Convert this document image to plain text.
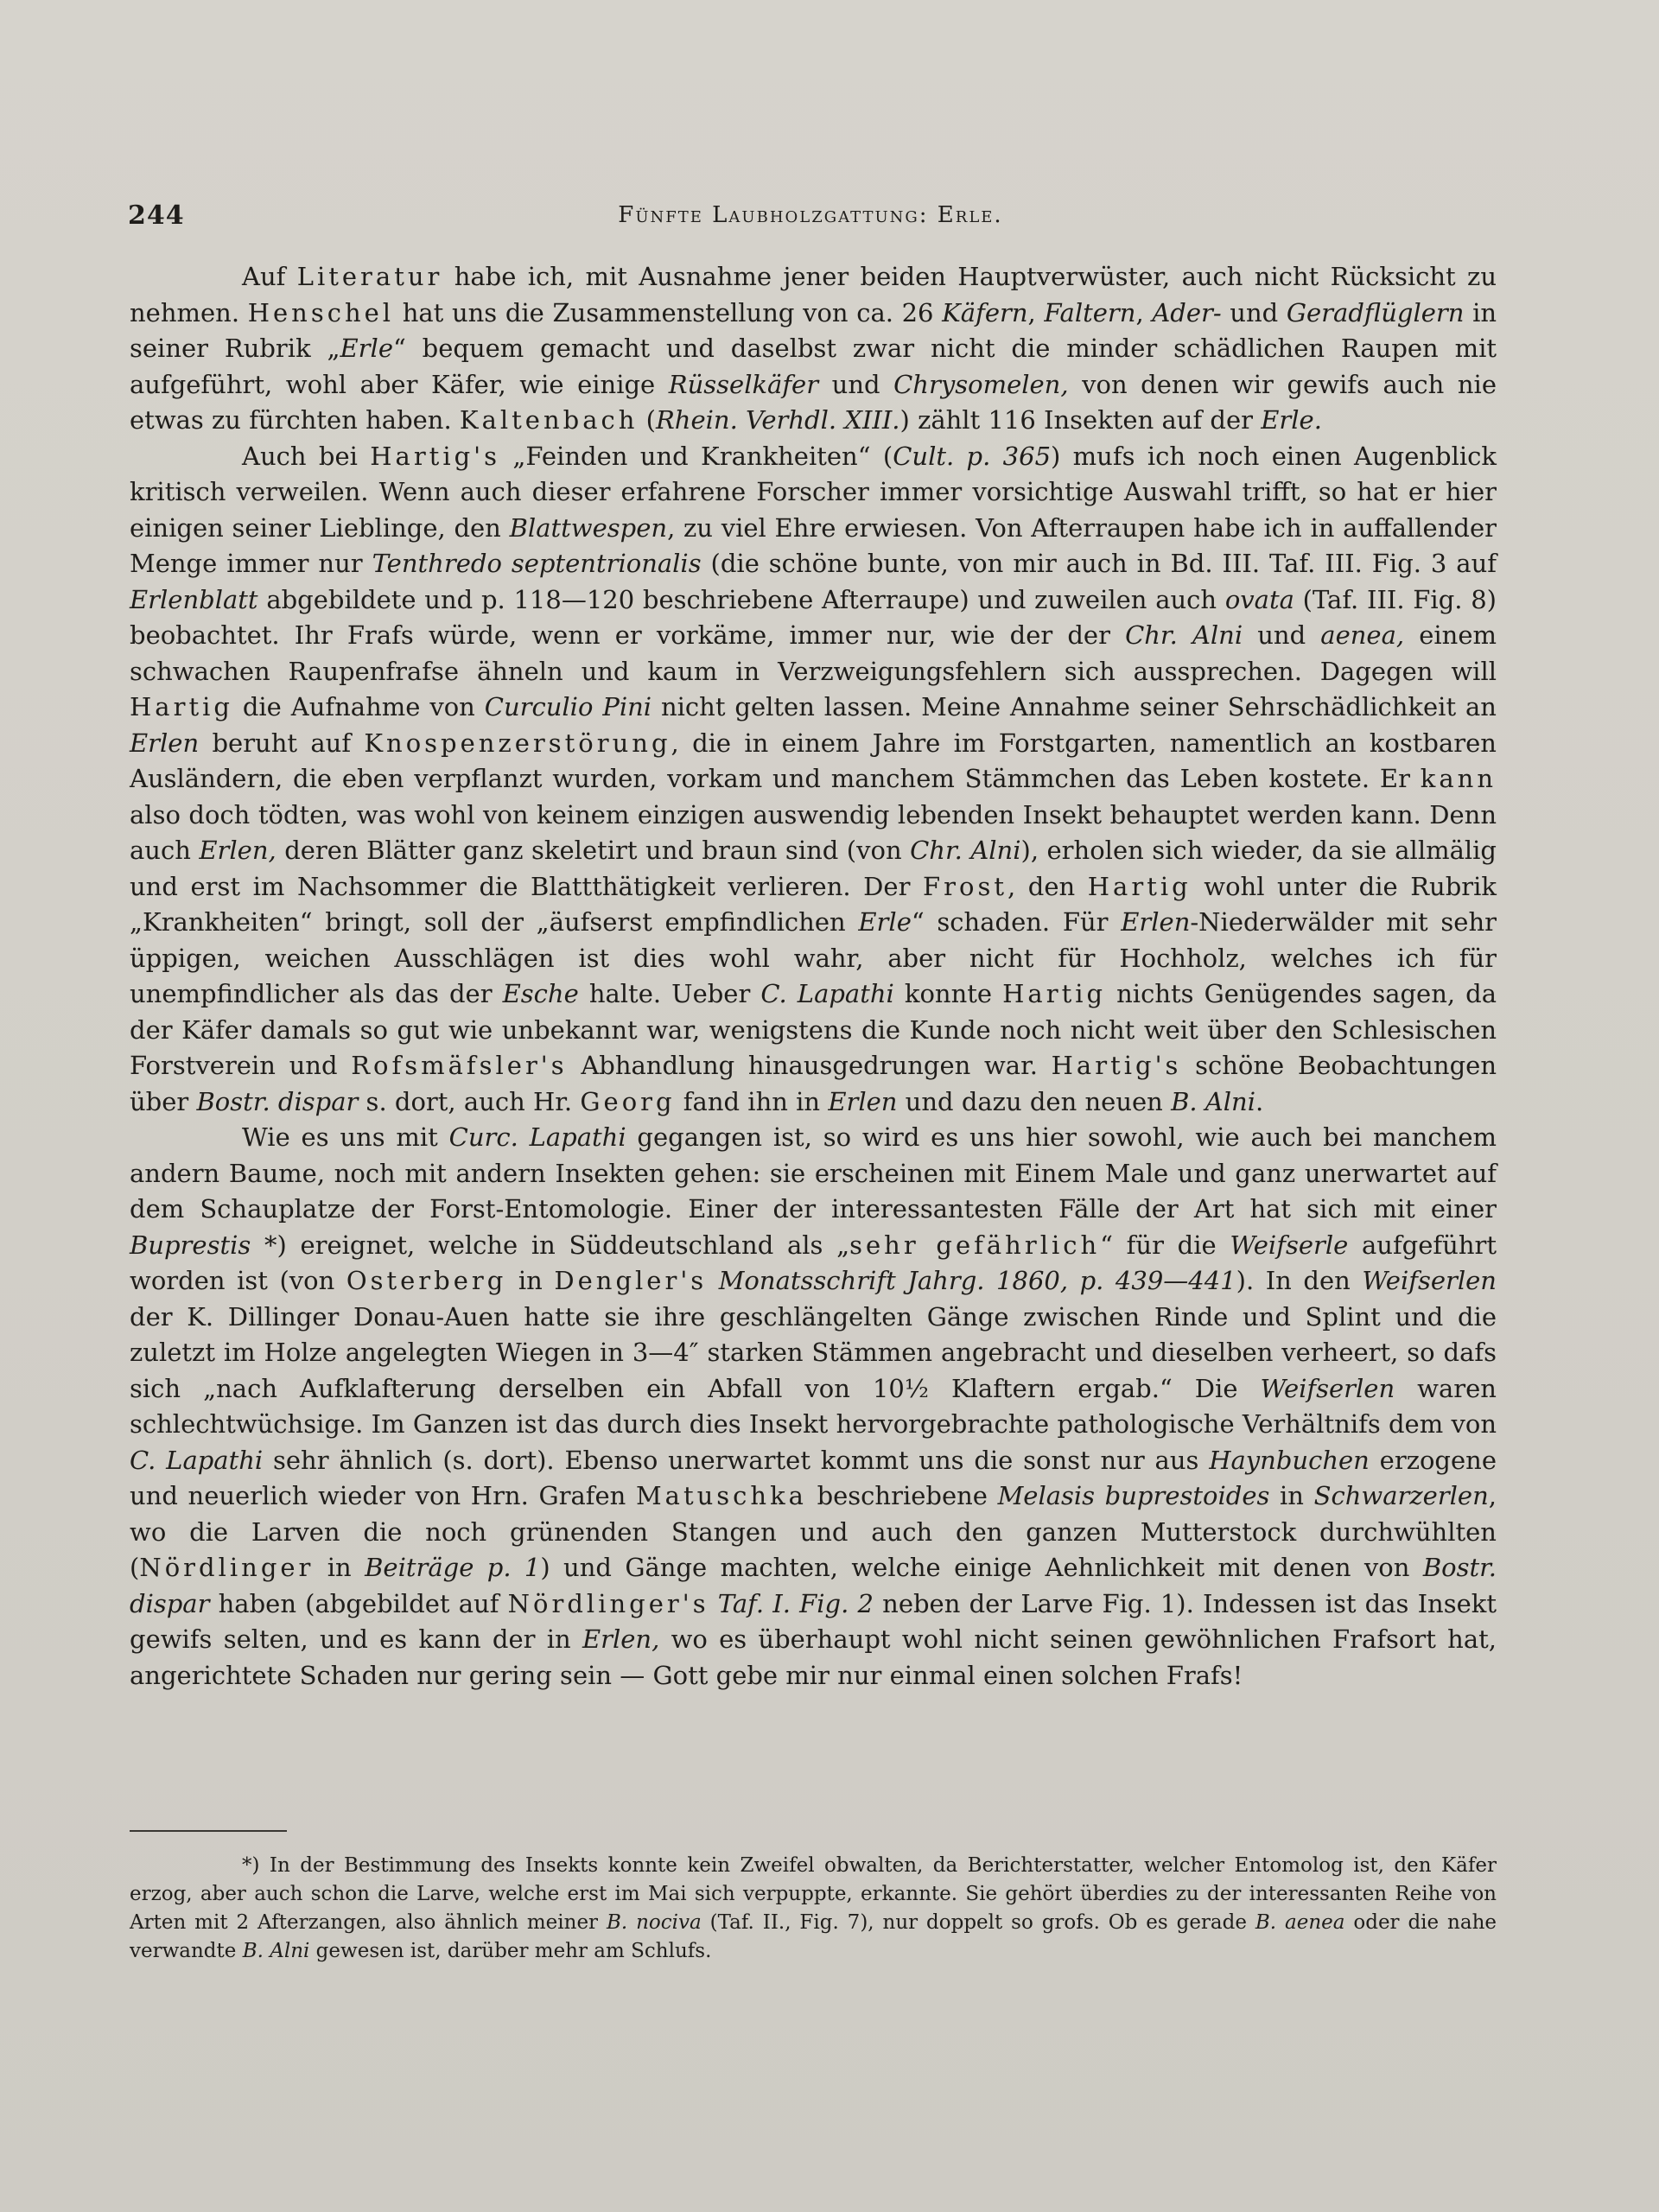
244	Fünfte Laubholzgattung: Erle.

Auf Literatur habe ich, mit Ausnahme jener beiden Hauptverwüster, auch nicht Rücksicht zu nehmen. Henschel hat uns die Zusammenstellung von ca. 26 Käfern, Faltern, Ader- und Geradflüglern in seiner Rubrik „Erle“ bequem gemacht und daselbst zwar nicht die minder schädlichen Raupen mit aufgeführt, wohl aber Käfer, wie einige Rüsselkäfer und Chrysomelen, von denen wir gewifs auch nie etwas zu fürchten haben. Kaltenbach (Rhein. Verhdl. XIII.) zählt 116 Insekten auf der Erle.

Auch bei Hartig's „Feinden und Krankheiten“ (Cult. p. 365) mufs ich noch einen Augenblick kritisch verweilen. Wenn auch dieser erfahrene Forscher immer vorsichtige Auswahl trifft, so hat er hier einigen seiner Lieblinge, den Blattwespen, zu viel Ehre erwiesen. Von Afterraupen habe ich in auffallender Menge immer nur Tenthredo septentrionalis (die schöne bunte, von mir auch in Bd. III. Taf. III. Fig. 3 auf Erlenblatt abgebildete und p. 118—120 beschriebene Afterraupe) und zuweilen auch ovata (Taf. III. Fig. 8) beobachtet. Ihr Frafs würde, wenn er vorkäme, immer nur, wie der der Chr. Alni und aenea, einem schwachen Raupenfrafse ähneln und kaum in Verzweigungsfehlern sich aussprechen. Dagegen will Hartig die Aufnahme von Curculio Pini nicht gelten lassen. Meine Annahme seiner Sehrschädlichkeit an Erlen beruht auf Knospenzerstörung, die in einem Jahre im Forstgarten, namentlich an kostbaren Ausländern, die eben verpflanzt wurden, vorkam und manchem Stämmchen das Leben kostete. Er kann also doch tödten, was wohl von keinem einzigen auswendig lebenden Insekt behauptet werden kann. Denn auch Erlen, deren Blätter ganz skeletirt und braun sind (von Chr. Alni), erholen sich wieder, da sie allmälig und erst im Nachsommer die Blattthätigkeit verlieren. Der Frost, den Hartig wohl unter die Rubrik „Krankheiten“ bringt, soll der „äufserst empfindlichen Erle“ schaden. Für Erlen-Niederwälder mit sehr üppigen, weichen Ausschlägen ist dies wohl wahr, aber nicht für Hochholz, welches ich für unempfindlicher als das der Esche halte. Ueber C. Lapathi konnte Hartig nichts Genügendes sagen, da der Käfer damals so gut wie unbekannt war, wenigstens die Kunde noch nicht weit über den Schlesischen Forstverein und Rofsmäfsler's Abhandlung hinausgedrungen war. Hartig's schöne Beobachtungen über Bostr. dispar s. dort, auch Hr. Georg fand ihn in Erlen und dazu den neuen B. Alni.

Wie es uns mit Curc. Lapathi gegangen ist, so wird es uns hier sowohl, wie auch bei manchem andern Baume, noch mit andern Insekten gehen: sie erscheinen mit Einem Male und ganz unerwartet auf dem Schauplatze der Forst-Entomologie. Einer der interessantesten Fälle der Art hat sich mit einer Buprestis *) ereignet, welche in Süddeutschland als „sehr gefährlich“ für die Weifserle aufgeführt worden ist (von Osterberg in Dengler's Monatsschrift Jahrg. 1860, p. 439—441). In den Weifserlen der K. Dillinger Donau-Auen hatte sie ihre geschlängelten Gänge zwischen Rinde und Splint und die zuletzt im Holze angelegten Wiegen in 3—4″ starken Stämmen angebracht und dieselben verheert, so dafs sich „nach Aufklafterung derselben ein Abfall von 10½ Klaftern ergab.“ Die Weifserlen waren schlechtwüchsige. Im Ganzen ist das durch dies Insekt hervorgebrachte pathologische Verhältnifs dem von C. Lapathi sehr ähnlich (s. dort). Ebenso unerwartet kommt uns die sonst nur aus Haynbuchen erzogene und neuerlich wieder von Hrn. Grafen Matuschka beschriebene Melasis buprestoides in Schwarzerlen, wo die Larven die noch grünenden Stangen und auch den ganzen Mutterstock durchwühlten (Nördlinger in Beiträge p. 1) und Gänge machten, welche einige Aehnlichkeit mit denen von Bostr. dispar haben (abgebildet auf Nördlinger's Taf. I. Fig. 2 neben der Larve Fig. 1). Indessen ist das Insekt gewifs selten, und es kann der in Erlen, wo es überhaupt wohl nicht seinen gewöhnlichen Frafsort hat, angerichtete Schaden nur gering sein — Gott gebe mir nur einmal einen solchen Frafs!

*) In der Bestimmung des Insekts konnte kein Zweifel obwalten, da Berichterstatter, welcher Entomolog ist, den Käfer erzog, aber auch schon die Larve, welche erst im Mai sich verpuppte, erkannte. Sie gehört überdies zu der interessanten Reihe von Arten mit 2 Afterzangen, also ähnlich meiner B. nociva (Taf. II., Fig. 7), nur doppelt so grofs. Ob es gerade B. aenea oder die nahe verwandte B. Alni gewesen ist, darüber mehr am Schlufs.
